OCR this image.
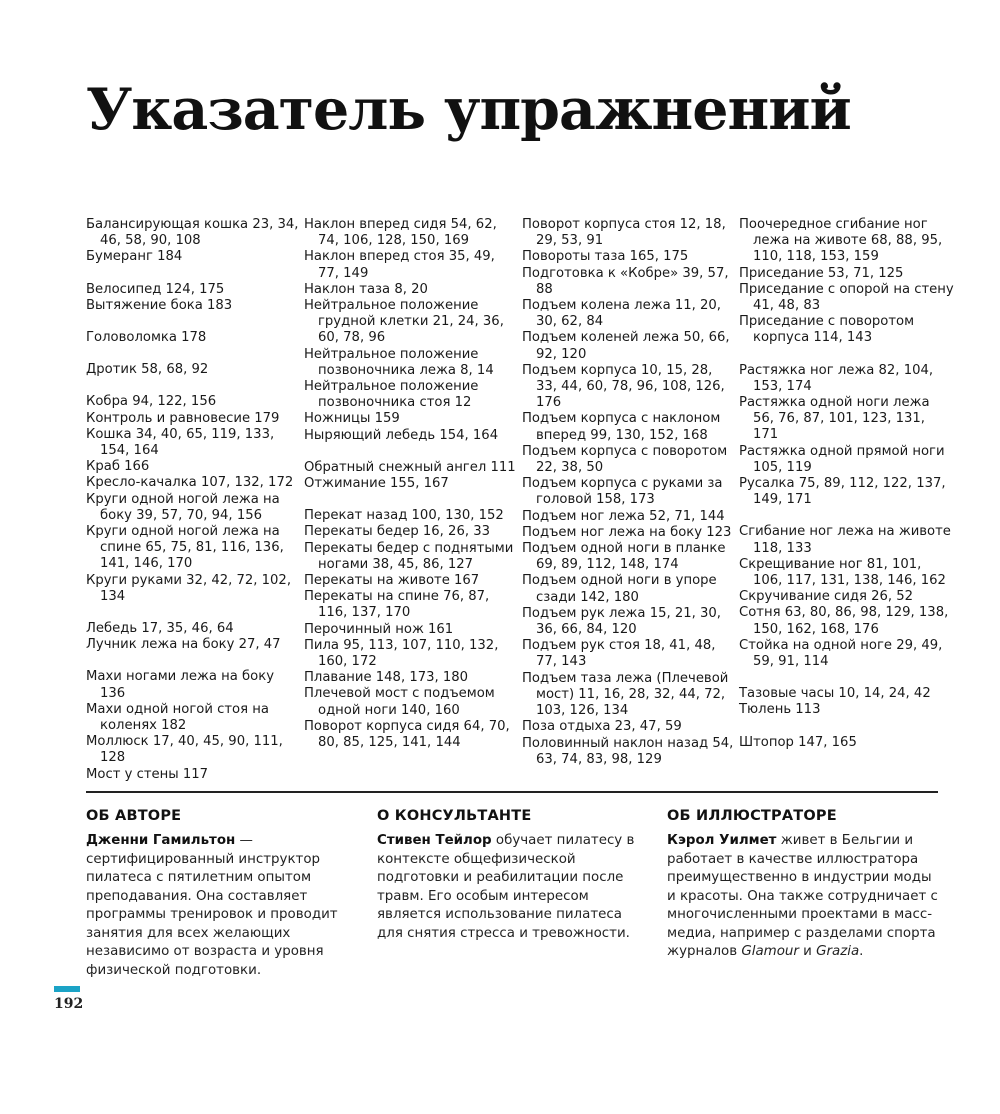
Указатель упражнений
Балансирующая кошка 23, 34, 46, 58, 90, 108
Бумеранг 184
Велосипед 124, 175
Вытяжение бока 183
Головоломка 178
Дротик 58, 68, 92
Кобра 94, 122, 156
Контроль и равновесие 179
Кошка 34, 40, 65, 119, 133, 154, 164
Краб 166
Кресло-качалка 107, 132, 172
Круги одной ногой лежа на боку 39, 57, 70, 94, 156
Круги одной ногой лежа на спине 65, 75, 81, 116, 136, 141, 146, 170
Круги руками 32, 42, 72, 102, 134
Лебедь 17, 35, 46, 64
Лучник лежа на боку 27, 47
Махи ногами лежа на боку 136
Махи одной ногой стоя на коленях 182
Моллюск 17, 40, 45, 90, 111, 128
Мост у стены 117
Наклон вперед сидя 54, 62, 74, 106, 128, 150, 169
Наклон вперед стоя 35, 49, 77, 149
Наклон таза 8, 20
Нейтральное положение грудной клетки 21, 24, 36, 60, 78, 96
Нейтральное положение позвоночника лежа 8, 14
Нейтральное положение позвоночника стоя 12
Ножницы 159
Ныряющий лебедь 154, 164
Обратный снежный ангел 111
Отжимание 155, 167
Перекат назад 100, 130, 152
Перекаты бедер 16, 26, 33
Перекаты бедер с поднятыми ногами 38, 45, 86, 127
Перекаты на животе 167
Перекаты на спине 76, 87, 116, 137, 170
Перочинный нож 161
Пила 95, 113, 107, 110, 132, 160, 172
Плавание 148, 173, 180
Плечевой мост с подъемом одной ноги 140, 160
Поворот корпуса сидя 64, 70, 80, 85, 125, 141, 144
Поворот корпуса стоя 12, 18, 29, 53, 91
Повороты таза 165, 175
Подготовка к «Кобре» 39, 57, 88
Подъем колена лежа 11, 20, 30, 62, 84
Подъем коленей лежа 50, 66, 92, 120
Подъем корпуса 10, 15, 28, 33, 44, 60, 78, 96, 108, 126, 176
Подъем корпуса с наклоном вперед 99, 130, 152, 168
Подъем корпуса с поворотом 22, 38, 50
Подъем корпуса с руками за головой 158, 173
Подъем ног лежа 52, 71, 144
Подъем ног лежа на боку 123
Подъем одной ноги в планке 69, 89, 112, 148, 174
Подъем одной ноги в упоре сзади 142, 180
Подъем рук лежа 15, 21, 30, 36, 66, 84, 120
Подъем рук стоя 18, 41, 48, 77, 143
Подъем таза лежа (Плечевой мост) 11, 16, 28, 32, 44, 72, 103, 126, 134
Поза отдыха 23, 47, 59
Половинный наклон назад 54, 63, 74, 83, 98, 129
Поочередное сгибание ног лежа на животе 68, 88, 95, 110, 118, 153, 159
Приседание 53, 71, 125
Приседание с опорой на стену 41, 48, 83
Приседание с поворотом корпуса 114, 143
Растяжка ног лежа 82, 104, 153, 174
Растяжка одной ноги лежа 56, 76, 87, 101, 123, 131, 171
Растяжка одной прямой ноги 105, 119
Русалка 75, 89, 112, 122, 137, 149, 171
Сгибание ног лежа на животе 118, 133
Скрещивание ног 81, 101, 106, 117, 131, 138, 146, 162
Скручивание сидя 26, 52
Сотня 63, 80, 86, 98, 129, 138, 150, 162, 168, 176
Стойка на одной ноге 29, 49, 59, 91, 114
Тазовые часы 10, 14, 24, 42
Тюлень 113
Штопор 147, 165
ОБ АВТОРЕ

Дженни Гамильтон — сертифицированный инструктор пилатеса с пятилетним опытом преподавания. Она составляет программы тренировок и проводит занятия для всех желающих независимо от возраста и уровня физической подготовки.

О КОНСУЛЬТАНТЕ

Стивен Тейлор обучает пилатесу в контексте общефизической подготовки и реабилитации после травм. Его особым интересом является использование пилатеса для снятия стресса и тревожности.

ОБ ИЛЛЮСТРАТОРЕ

Кэрол Уилмет живет в Бельгии и работает в качестве иллюстратора преимущественно в индустрии моды и красоты. Она также сотрудничает с многочисленными проектами в масс-медиа, например с разделами спорта журналов Glamour и Grazia.

192
